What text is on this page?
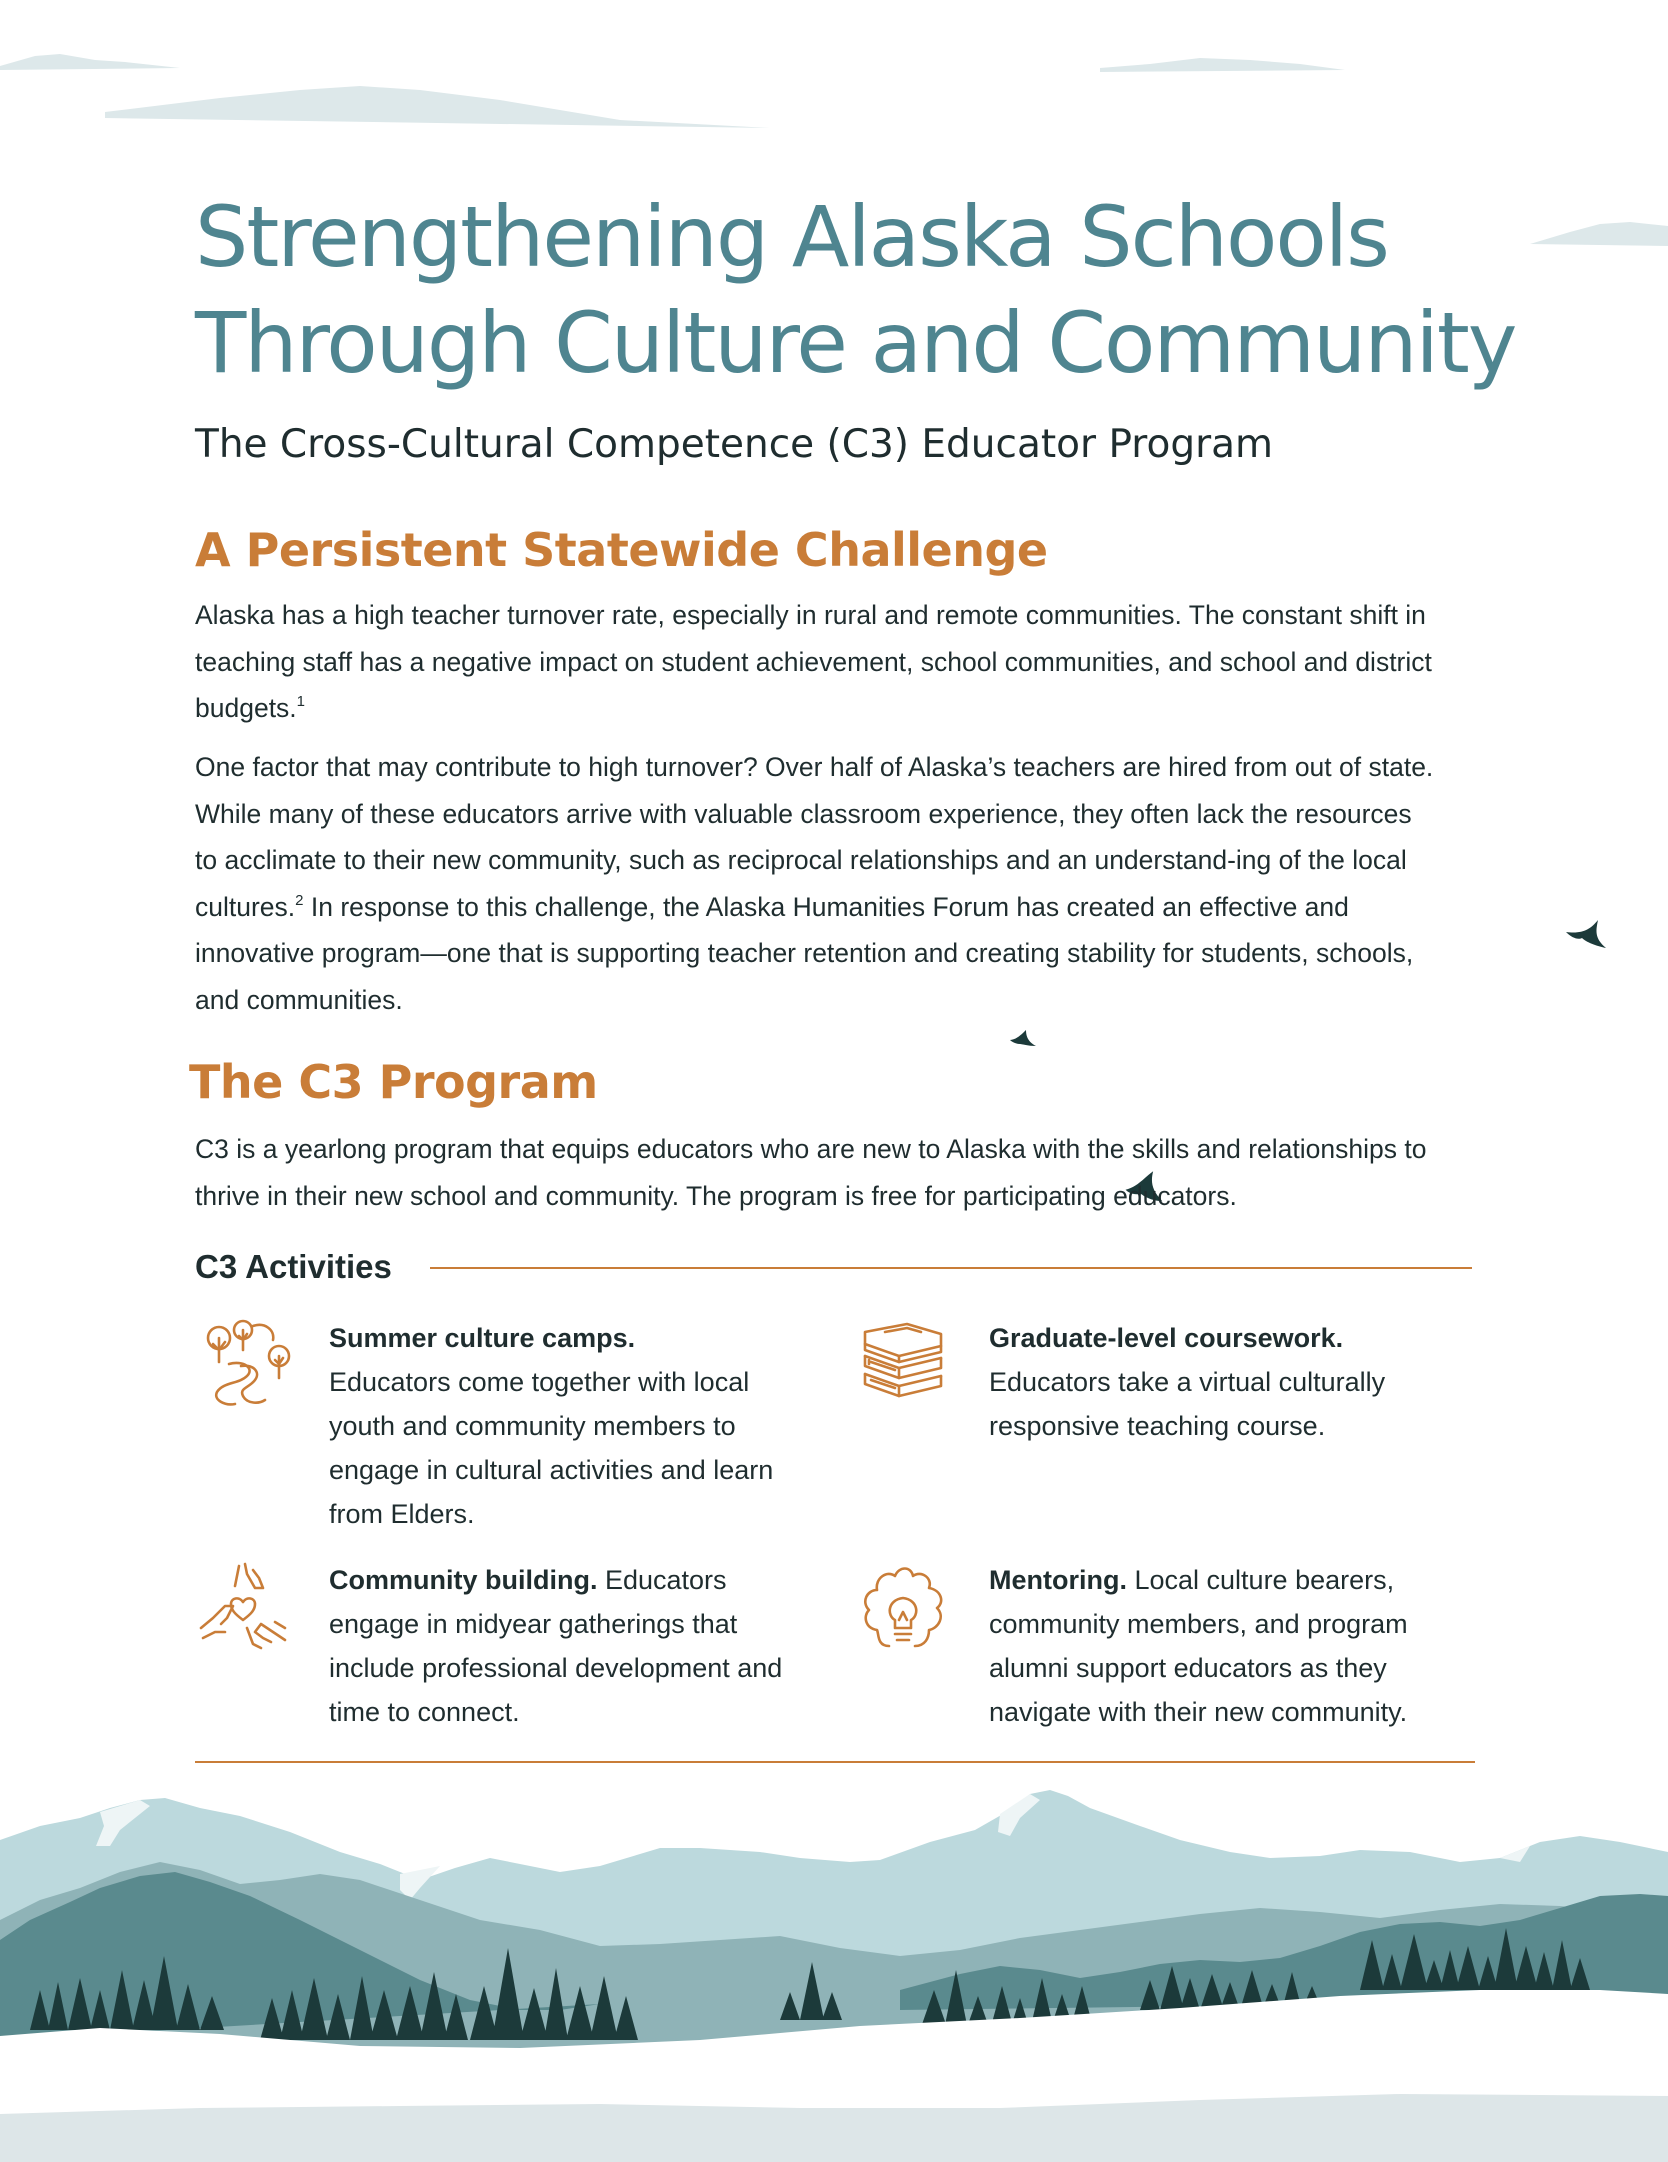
Strengthening Alaska Schools
Through Culture and Community
The Cross-Cultural Competence (C3) Educator Program
A Persistent Statewide Challenge

Alaska has a high teacher turnover rate, especially in rural and remote communities. The constant shift in teaching staff has a negative impact on student achievement, school communities, and school and district budgets.$^1$

One factor that may contribute to high turnover? Over half of Alaska’s teachers are hired from out of state. While many of these educators arrive with valuable classroom experience, they often lack the resources to acclimate to their new community, such as reciprocal relationships and an understand-ing of the local cultures.$^2$ In response to this challenge, the Alaska Humanities Forum has created an effective and innovative program—one that is supporting teacher retention and creating stability for students, schools, and communities.

The C3 Program

C3 is a yearlong program that equips educators who are new to Alaska with the skills and relationships to thrive in their new school and community. The program is free for participating educators.

C3 Activities

Summer culture camps.
Educators come together with local youth and community members to engage in cultural activities and learn from Elders.

Graduate-level coursework.
Educators take a virtual culturally responsive teaching course.

Community building. Educators engage in midyear gatherings that include professional development and time to connect.

Mentoring. Local culture bearers, community members, and program alumni support educators as they navigate with their new community.
